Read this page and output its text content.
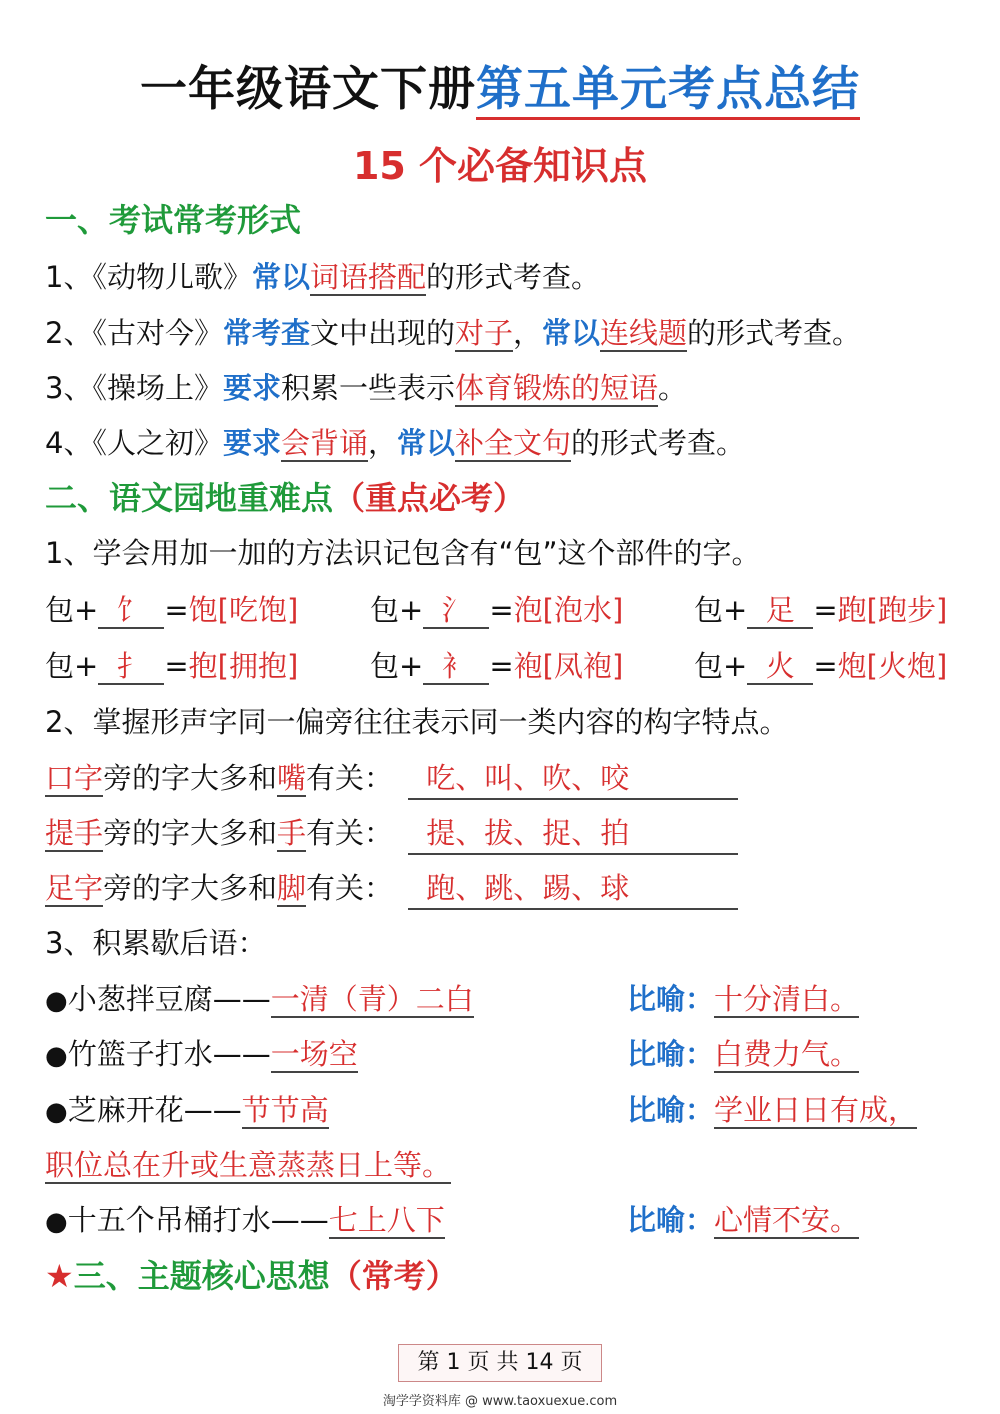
一年级语文下册第五单元考点总结
15 个必备知识点
一、考试常考形式
1、《动物儿歌》常以词语搭配的形式考查。
2、《古对今》常考查文中出现的对子，常以连线题的形式考查。
3、《操场上》要求积累一些表示体育锻炼的短语。
4、《人之初》要求会背诵，常以补全文句的形式考查。
二、语文园地重难点（重点必考）
1、学会用加一加的方法识记包含有“包”这个部件的字。
包+ 饣 =饱[吃饱] 包+ 氵 =泡[泡水] 包+ 足 =跑[跑步]
包+ 扌 =抱[拥抱] 包+ 衤 =袍[凤袍] 包+ 火 =炮[火炮]
2、掌握形声字同一偏旁往往表示同一类内容的构字特点。
口字旁的字大多和嘴有关： 吃、叫、吹、咬
提手旁的字大多和手有关： 提、拔、捉、拍
足字旁的字大多和脚有关： 跑、跳、踢、球
3、积累歇后语：
●小葱拌豆腐——一清（青）二白	比喻：十分清白。
●竹篮子打水——一场空	比喻：白费力气。
●芝麻开花——节节高	比喻：学业日日有成，
职位总在升或生意蒸蒸日上等。
●十五个吊桶打水——七上八下	比喻：心情不安。
★三、主题核心思想（常考）
第 1 页 共 14 页
淘学学资料库 @ www.taoxuexue.com
